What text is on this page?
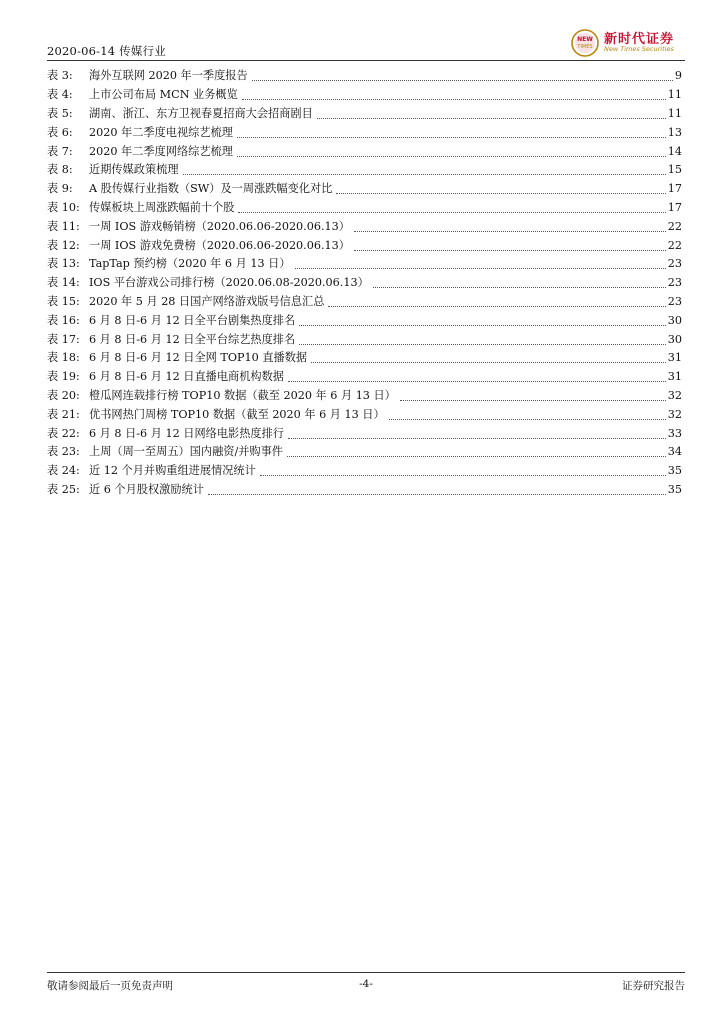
2020-06-14 传媒行业
NEW
TIMES 新时代证券
New Times Securities
表 3:	海外互联网 2020 年一季度报告	9
表 4:	上市公司布局 MCN 业务概览	11
表 5:	湖南、浙江、东方卫视春夏招商大会招商剧目	11
表 6:	2020 年二季度电视综艺梳理	13
表 7:	2020 年二季度网络综艺梳理	14
表 8:	近期传媒政策梳理	15
表 9:	A 股传媒行业指数（SW）及一周涨跌幅变化对比	17
表 10: 传媒板块上周涨跌幅前十个股	17
表 11: 一周 IOS 游戏畅销榜（2020.06.06-2020.06.13）	22
表 12: 一周 IOS 游戏免费榜（2020.06.06-2020.06.13）	22
表 13: TapTap 预约榜（2020 年 6 月 13 日）	23
表 14: IOS 平台游戏公司排行榜（2020.06.08-2020.06.13）	23
表 15: 2020 年 5 月 28 日国产网络游戏版号信息汇总	23
表 16: 6 月 8 日-6 月 12 日全平台剧集热度排名	30
表 17: 6 月 8 日-6 月 12 日全平台综艺热度排名	30
表 18: 6 月 8 日-6 月 12 日全网 TOP10 直播数据	31
表 19: 6 月 8 日-6 月 12 日直播电商机构数据	31
表 20: 橙瓜网连载排行榜 TOP10 数据（截至 2020 年 6 月 13 日）	32
表 21: 优书网热门周榜 TOP10 数据（截至 2020 年 6 月 13 日）	32
表 22: 6 月 8 日-6 月 12 日网络电影热度排行	33
表 23: 上周（周一至周五）国内融资/并购事件	34
表 24: 近 12 个月并购重组进展情况统计	35
表 25: 近 6 个月股权激励统计	35
敬请参阅最后一页免责声明	-4-	证券研究报告
